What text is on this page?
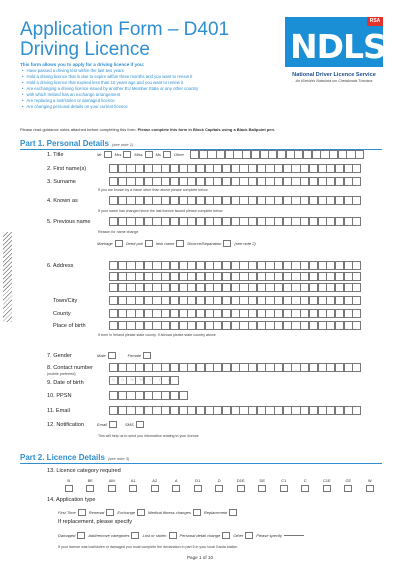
Application Form – D401
Driving Licence
This form allows you to apply for a driving licence if you:
• Have passed a driving test within the last two years
• Hold a driving licence that is due to expire within three months and you want to renew it
• Hold a driving licence that expired less than 10 years ago and you want to renew it
• Are exchanging a driving licence issued by another EU Member State or any other country
• with which Ireland has an exchange arrangement
• Are replacing a lost/stolen or damaged licence
• Are changing personal details on your current licence
NDLS
RSA
National Driver Licence Service
An tSeirbhís Náisiúnta um Cheadúnais Tiomána
Please read guidance notes attached before completing this form. Please complete this form in Block Capitals using a Black Ballpoint pen.
Part 1. Personal Details (see note 1)
1. Title	Mr	Mrs	Miss	Ms	Other
2. First name(s)
3. Surname
If you are known by a name other than above please complete below
4. Known as
If your name has changed since the last licence issued please complete below
5. Previous name
Reason for name change
Marriage	Deed poll	Irish name	Divorce/Separation	(see note 2)
6. Address
Town/City
County
Place of birth
If born in Ireland please state county. If abroad please state country above
7. Gender	Male	Female
8. Contact number
(mobile preferred)
9. Date of birth	D	D	M	M	Y	Y	Y	Y
10. PPSN
11. Email
12. Notification	Email	SMS
This will help us to send you information relating to your licence
Part 2. Licence Details (see note 3)
13. Licence category required
B	BE	AM	A1	A2	A	D1	D	D1E	DE	C1	C	C1E	CE	W
14. Application type
First Time	Renewal	Exchange	Medical fitness changes	Replacement
If replacement, please specify
Damaged	Add/remove categories	Lost or stolen	Personal detail change	Other	Please specify
If your licence was lost/stolen or damaged you must complete the declaration in part 6 in your local Garda station
Page 1 of 10
